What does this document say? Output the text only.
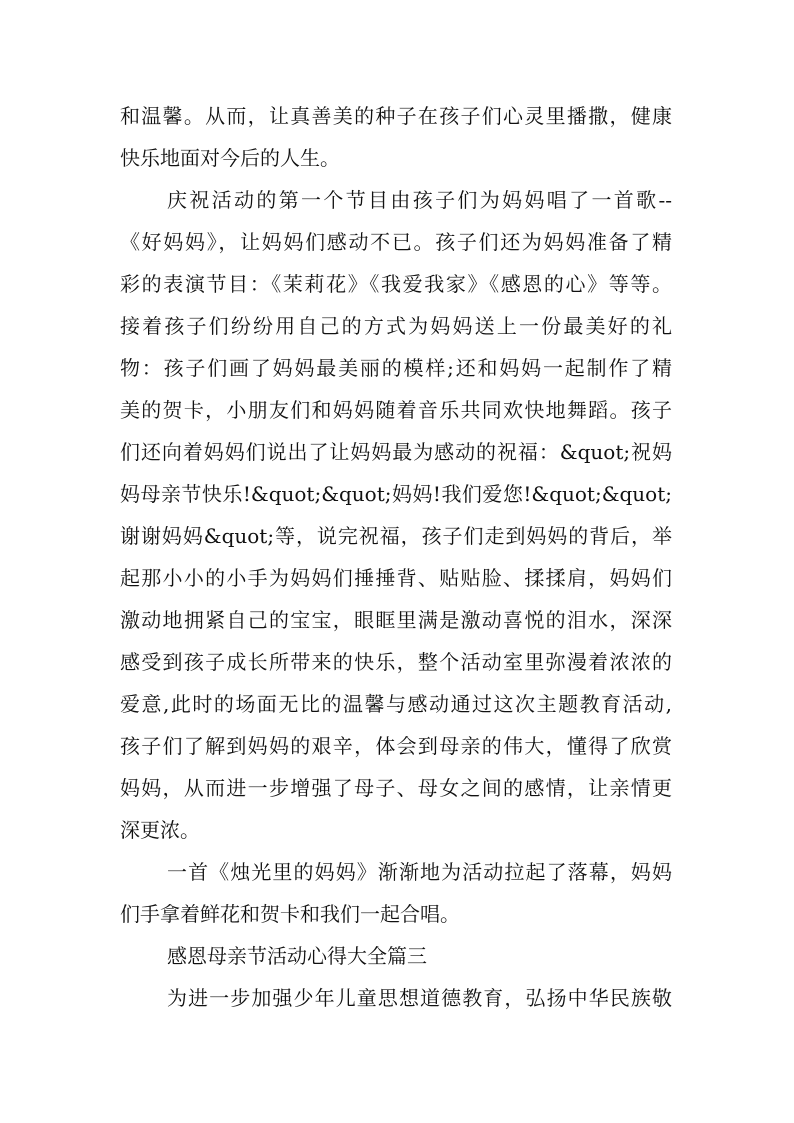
和温馨。从而，让真善美的种子在孩子们心灵里播撒，健康
快乐地面对今后的人生。
庆祝活动的第一个节目由孩子们为妈妈唱了一首歌--
《好妈妈》，让妈妈们感动不已。孩子们还为妈妈准备了精
彩的表演节目：《茉莉花》《我爱我家》《感恩的心》等等。
接着孩子们纷纷用自己的方式为妈妈送上一份最美好的礼
物：孩子们画了妈妈最美丽的模样;还和妈妈一起制作了精
美的贺卡，小朋友们和妈妈随着音乐共同欢快地舞蹈。孩子
们还向着妈妈们说出了让妈妈最为感动的祝福：&quot;祝妈
妈母亲节快乐!&quot;&quot;妈妈!我们爱您!&quot;&quot;
谢谢妈妈&quot;等，说完祝福，孩子们走到妈妈的背后，举
起那小小的小手为妈妈们捶捶背、贴贴脸、揉揉肩，妈妈们
激动地拥紧自己的宝宝，眼眶里满是激动喜悦的泪水，深深
感受到孩子成长所带来的快乐，整个活动室里弥漫着浓浓的
爱意,此时的场面无比的温馨与感动通过这次主题教育活动,
孩子们了解到妈妈的艰辛，体会到母亲的伟大，懂得了欣赏
妈妈，从而进一步增强了母子、母女之间的感情，让亲情更
深更浓。
一首《烛光里的妈妈》渐渐地为活动拉起了落幕，妈妈
们手拿着鲜花和贺卡和我们一起合唱。
感恩母亲节活动心得大全篇三
为进一步加强少年儿童思想道德教育，弘扬中华民族敬
